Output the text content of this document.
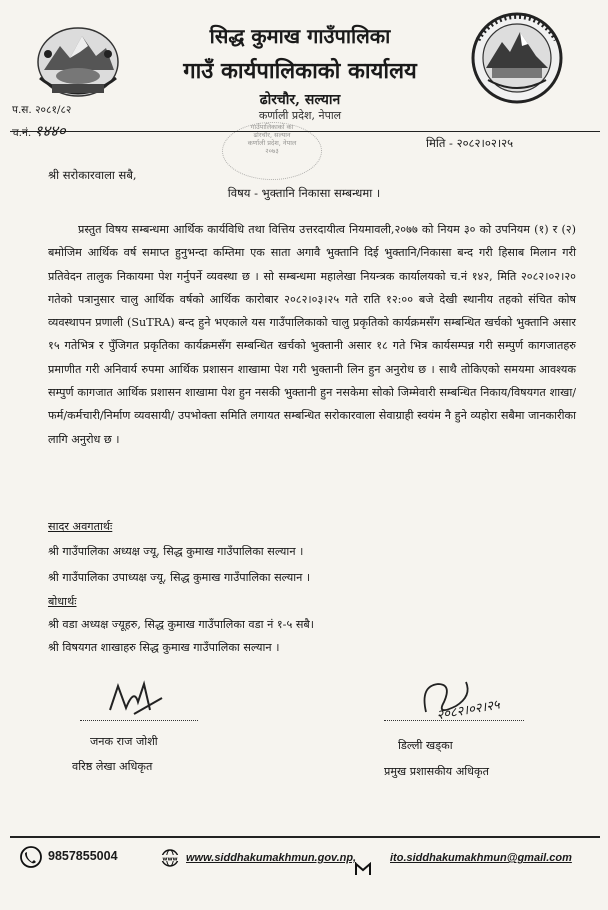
सिद्ध कुमाख गाउँपालिका
गाउँ कार्यपालिकाको कार्यालय
ढोरचौर, सल्यान
कर्णाली प्रदेश, नेपाल
प.स. २०८१/८२
च.नं. १४४०	गाउँपालिकाको का
ढोरचौर, सल्यान
कर्णाली प्रदेश, नेपाल
२०७३
मिति - २०८२।०२।२५
श्री सरोकारवाला सबै,
विषय - भुक्तानि निकासा सम्बन्धमा ।

प्रस्तुत विषय सम्बन्धमा आर्थिक कार्यविधि तथा वित्तिय उत्तरदायीत्व नियमावली,२०७७ को नियम ३० को उपनियम (१) र (२) बमोजिम आर्थिक वर्ष समाप्त हुनुभन्दा कम्तिमा एक साता अगावै भुक्तानि दिई भुक्तानि/निकासा बन्द गरी हिसाब मिलान गरी प्रतिवेदन तालुक निकायमा पेश गर्नुपर्ने व्यवस्था छ । सो सम्बन्धमा महालेखा नियन्त्रक कार्यालयको च.नं १४२, मिति २०८२।०२।२० गतेको पत्रानुसार चालु आर्थिक वर्षको आर्थिक कारोबार २०८२।०३।२५ गते राति १२:०० बजे देखी स्थानीय तहको संचित कोष व्यवस्थापन प्रणाली (SuTRA) बन्द हुने भएकाले यस गाउँपालिकाको चालु प्रकृतिको कार्यक्रमसँग सम्बन्धित खर्चको भुक्तानि असार १५ गतेभित्र र पुँजिगत प्रकृतिका कार्यक्रमसँग सम्बन्धित खर्चको भुक्तानी असार १८ गते भित्र कार्यसम्पन्न गरी सम्पुर्ण कागजातहरु प्रमाणीत गरी अनिवार्य रुपमा आर्थिक प्रशासन शाखामा पेश गरी भुक्तानी लिन हुन अनुरोध छ । साथै तोकिएको समयमा आवश्यक सम्पुर्ण कागजात आर्थिक प्रशासन शाखामा पेश हुन नसकी भुक्तानी हुन नसकेमा सोको जिम्मेवारी सम्बन्धित निकाय/विषयगत शाखा/ फर्म/कर्मचारी/निर्माण व्यवसायी/ उपभोक्ता समिति लगायत सम्बन्धित सरोकारवाला सेवाग्राही स्वयंम नै हुने व्यहोरा सबैमा जानकारीका लागि अनुरोध छ ।

सादर अवगतार्थः
श्री गाउँपालिका अध्यक्ष ज्यू, सिद्ध कुमाख गाउँपालिका सल्यान ।
श्री गाउँपालिका उपाध्यक्ष ज्यू, सिद्ध कुमाख गाउँपालिका सल्यान ।
बोधार्थः
श्री वडा अध्यक्ष ज्यूहरु, सिद्ध कुमाख गाउँपालिका वडा नं १-५ सबै।
श्री विषयगत शाखाहरु सिद्ध कुमाख गाउँपालिका सल्यान ।
जनक राज जोशी
वरिष्ठ लेखा अधिकृत
२०८२।०२।२५
डिल्ली खड्का
प्रमुख प्रशासकीय अधिकृत
9857855004	www www.siddhakumakhmun.gov.np,	ito.siddhakumakhmun@gmail.com
